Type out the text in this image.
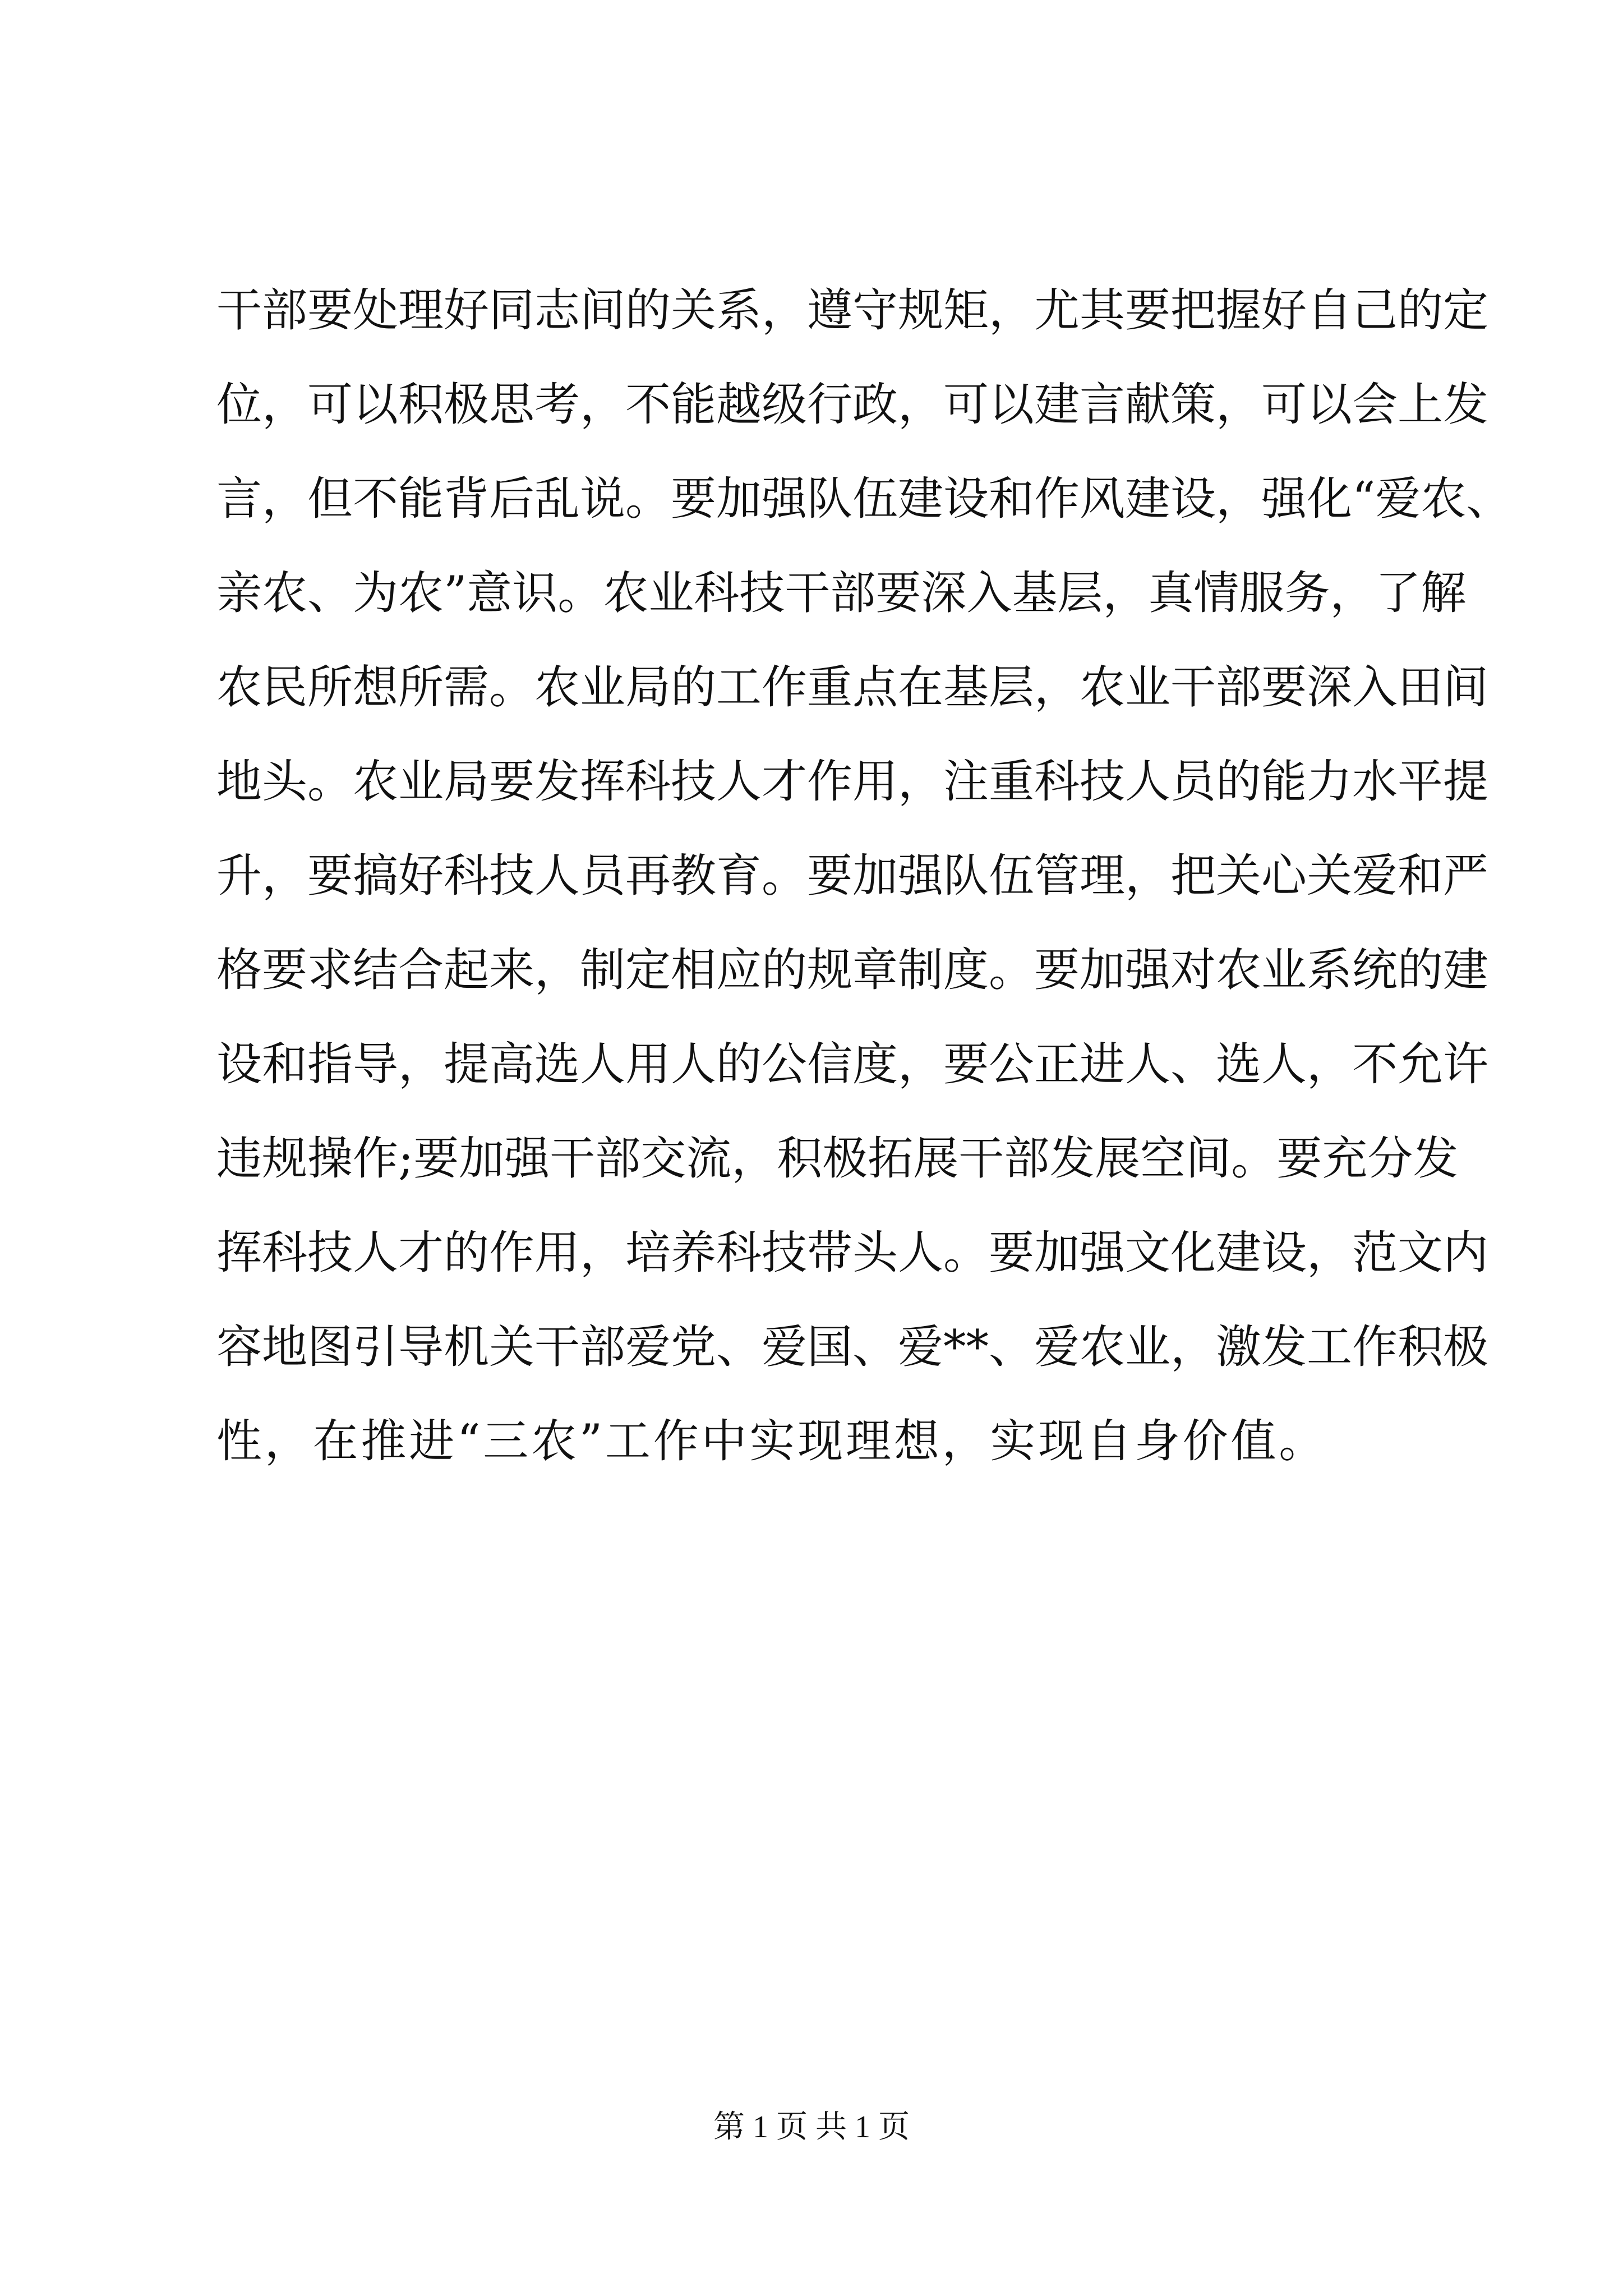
干部要处理好同志间的关系，遵守规矩，尤其要把握好自己的定
位，可以积极思考，不能越级行政，可以建言献策，可以会上发
言，但不能背后乱说。要加强队伍建设和作风建设，强化“爱农、
亲农、为农”意识。农业科技干部要深入基层，真情服务，了解
农民所想所需。农业局的工作重点在基层，农业干部要深入田间
地头。农业局要发挥科技人才作用，注重科技人员的能力水平提
升，要搞好科技人员再教育。要加强队伍管理，把关心关爱和严
格要求结合起来，制定相应的规章制度。要加强对农业系统的建
设和指导，提高选人用人的公信度，要公正进人、选人，不允许
违规操作;要加强干部交流，积极拓展干部发展空间。要充分发
挥科技人才的作用，培养科技带头人。要加强文化建设，范文内
容地图引导机关干部爱党、爱国、爱**、爱农业，激发工作积极
性，在推进“三农”工作中实现理想，实现自身价值。
第 1 页 共 1 页
